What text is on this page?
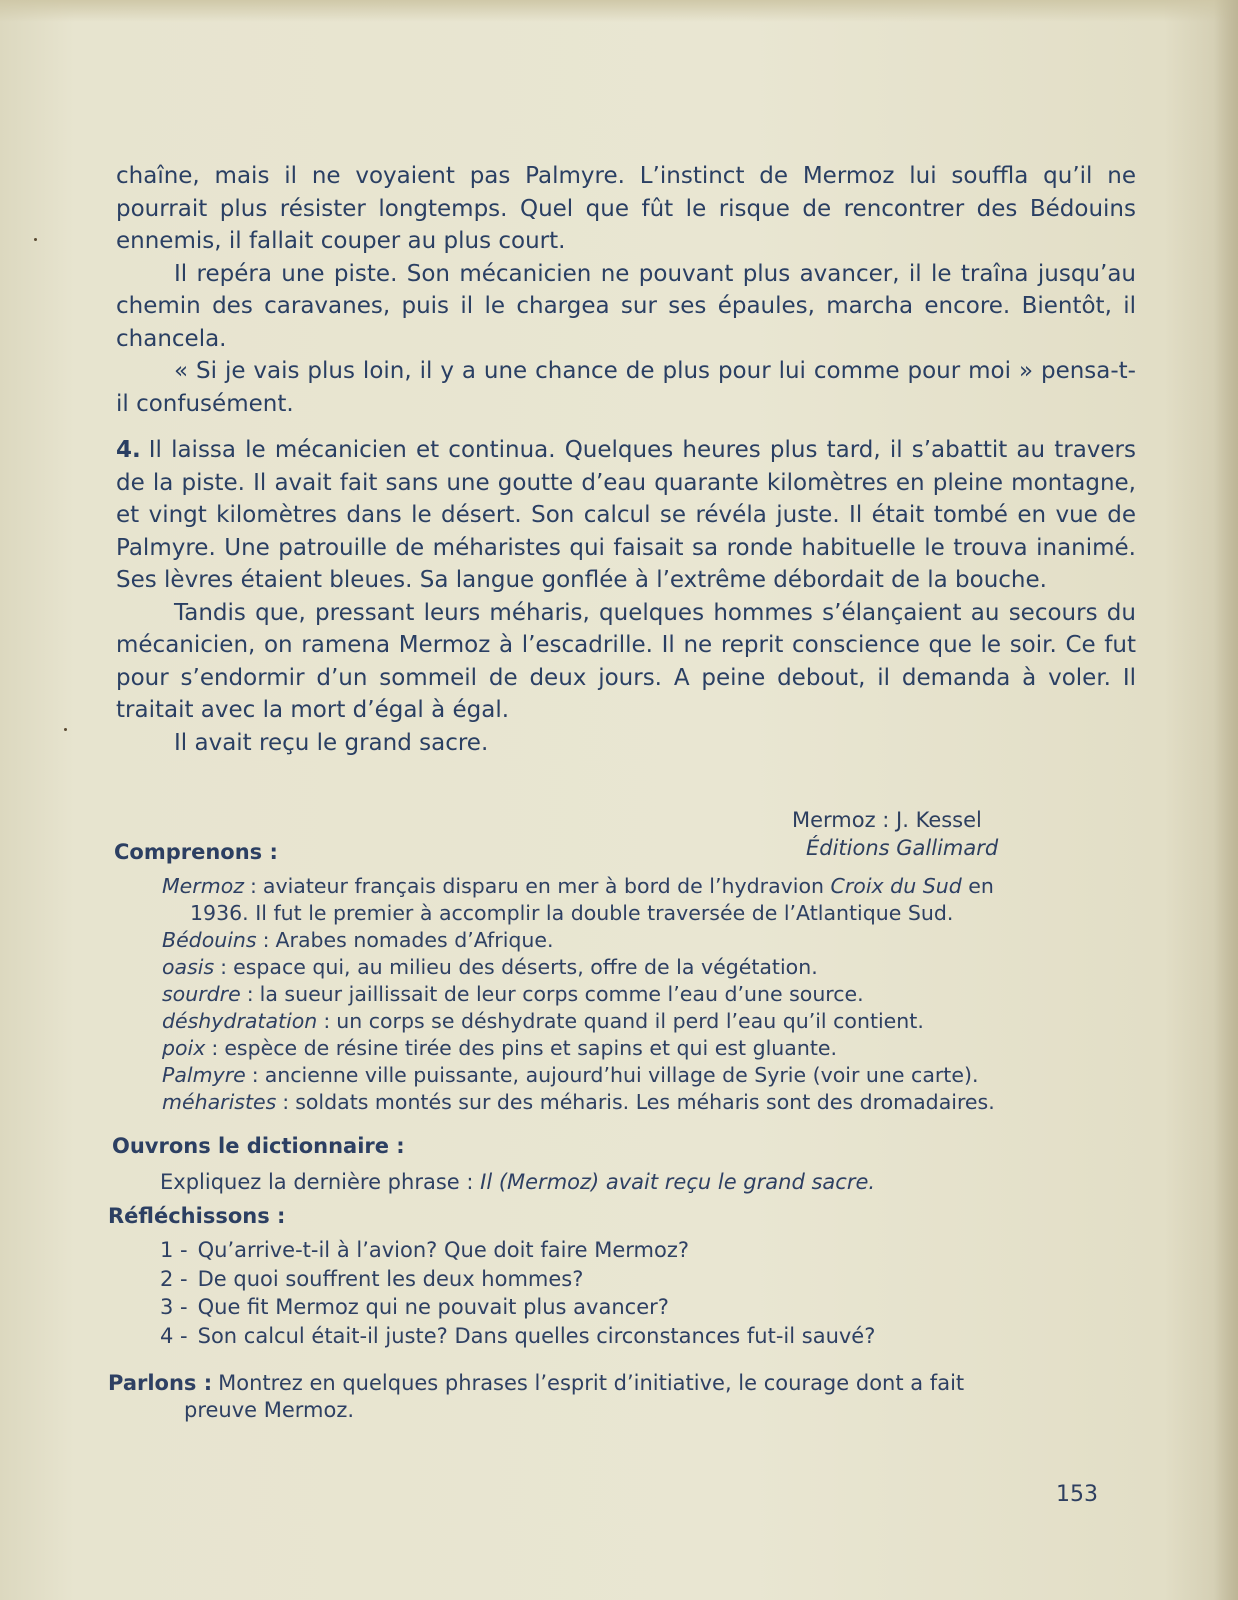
chaîne, mais il ne voyaient pas Palmyre. L’instinct de Mermoz lui souffla qu’il ne pourrait plus résister longtemps. Quel que fût le risque de rencontrer des Bédouins ennemis, il fallait couper au plus court.

Il repéra une piste. Son mécanicien ne pouvant plus avancer, il le traîna jusqu’au chemin des caravanes, puis il le chargea sur ses épaules, marcha encore. Bientôt, il chancela.

« Si je vais plus loin, il y a une chance de plus pour lui comme pour moi » pensa-t-il confusément.

4. Il laissa le mécanicien et continua. Quelques heures plus tard, il s’abattit au travers de la piste. Il avait fait sans une goutte d’eau quarante kilomètres en pleine montagne, et vingt kilomètres dans le désert. Son calcul se révéla juste. Il était tombé en vue de Palmyre. Une patrouille de méharistes qui faisait sa ronde habituelle le trouva inanimé. Ses lèvres étaient bleues. Sa langue gonflée à l’extrême débordait de la bouche.

Tandis que, pressant leurs méharis, quelques hommes s’élançaient au secours du mécanicien, on ramena Mermoz à l’escadrille. Il ne reprit conscience que le soir. Ce fut pour s’endormir d’un sommeil de deux jours. A peine debout, il demanda à voler. Il traitait avec la mort d’égal à égal.

Il avait reçu le grand sacre.

Mermoz : J. Kessel
Éditions Gallimard
Comprenons :

Mermoz : aviateur français disparu en mer à bord de l’hydravion Croix du Sud en

1936. Il fut le premier à accomplir la double traversée de l’Atlantique Sud.

Bédouins : Arabes nomades d’Afrique.

oasis : espace qui, au milieu des déserts, offre de la végétation.

sourdre : la sueur jaillissait de leur corps comme l’eau d’une source.

déshydratation : un corps se déshydrate quand il perd l’eau qu’il contient.

poix : espèce de résine tirée des pins et sapins et qui est gluante.

Palmyre : ancienne ville puissante, aujourd’hui village de Syrie (voir une carte).

méharistes : soldats montés sur des méharis. Les méharis sont des dromadaires.

Ouvrons le dictionnaire :
Expliquez la dernière phrase : Il (Mermoz) avait reçu le grand sacre.
Réfléchissons :
1 - Qu’arrive-t-il à l’avion? Que doit faire Mermoz?
2 - De quoi souffrent les deux hommes?
3 - Que fit Mermoz qui ne pouvait plus avancer?
4 - Son calcul était-il juste? Dans quelles circonstances fut-il sauvé?
Parlons : Montrez en quelques phrases l’esprit d’initiative, le courage dont a fait
preuve Mermoz.
153
